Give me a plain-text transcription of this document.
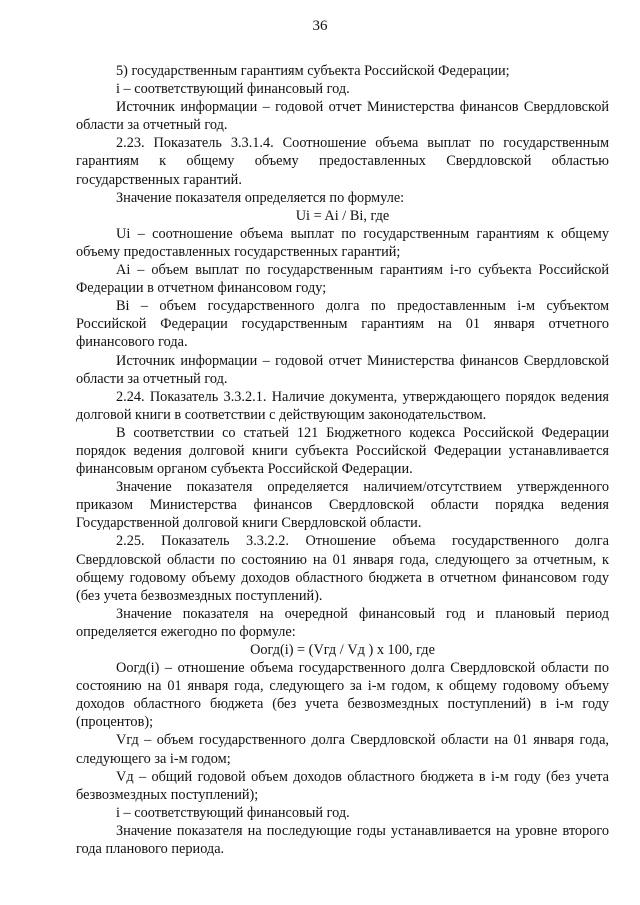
36

5) государственным гарантиям субъекта Российской Федерации;

i – соответствующий финансовый год.

Источник информации – годовой отчет Министерства финансов Свердловской области за отчетный год.

2.23. Показатель 3.3.1.4. Соотношение объема выплат по государственным гарантиям к общему объему предоставленных Свердловской областью государственных гарантий.

Значение показателя определяется по формуле:

Ui = Ai / Bi, где

Ui – соотношение объема выплат по государственным гарантиям к общему объему предоставленных государственных гарантий;

Ai – объем выплат по государственным гарантиям i-го субъекта Российской Федерации в отчетном финансовом году;

Bi – объем государственного долга по предоставленным i-м субъектом Российской Федерации государственным гарантиям на 01 января отчетного финансового года.

Источник информации – годовой отчет Министерства финансов Свердловской области за отчетный год.

2.24. Показатель 3.3.2.1. Наличие документа, утверждающего порядок ведения долговой книги в соответствии с действующим законодательством.

В соответствии со статьей 121 Бюджетного кодекса Российской Федерации порядок ведения долговой книги субъекта Российской Федерации устанавливается финансовым органом субъекта Российской Федерации.

Значение показателя определяется наличием/отсутствием утвержденного приказом Министерства финансов Свердловской области порядка ведения Государственной долговой книги Свердловской области.

2.25. Показатель 3.3.2.2. Отношение объема государственного долга Свердловской области по состоянию на 01 января года, следующего за отчетным, к общему годовому объему доходов областного бюджета в отчетном финансовом году (без учета безвозмездных поступлений).

Значение показателя на очередной финансовый год и плановый период определяется ежегодно по формуле:

Оогд(i) = (Vгд / Vд ) x 100, где

Оогд(i) – отношение объема государственного долга Свердловской области по состоянию на 01 января года, следующего за i-м годом, к общему годовому объему доходов областного бюджета (без учета безвозмездных поступлений) в i-м году (процентов);

Vгд – объем государственного долга Свердловской области на 01 января года, следующего за i-м годом;

Vд – общий годовой объем доходов областного бюджета в i-м году (без учета безвозмездных поступлений);

i – соответствующий финансовый год.

Значение показателя на последующие годы устанавливается на уровне второго года планового периода.
